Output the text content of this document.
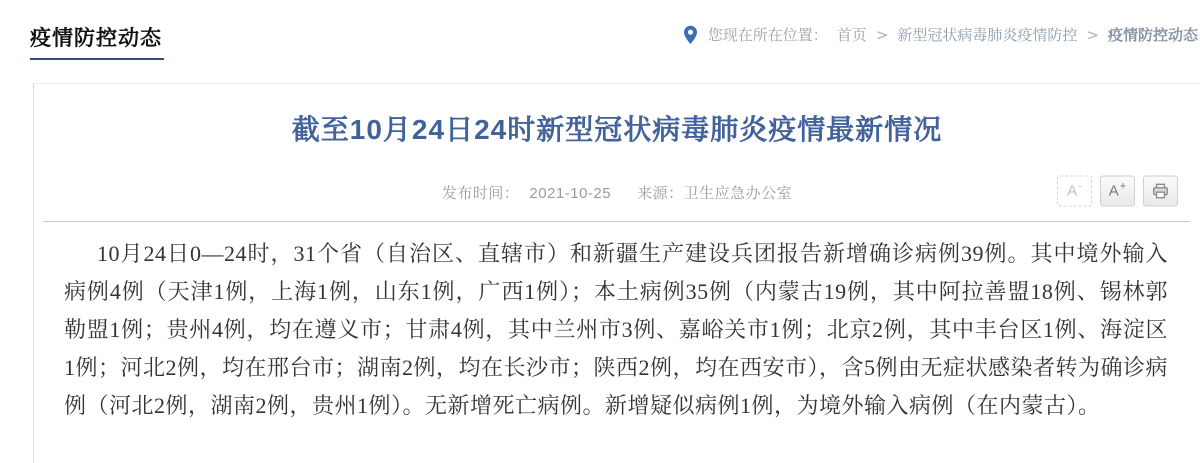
疫情防控动态	您现在所在位置： 首页 > 新型冠状病毒肺炎疫情防控 > 疫情防控动态
截至10月24日24时新型冠状病毒肺炎疫情最新情况
发布时间： 2021-10-25 来源：卫生应急办公室	A- A+

10月24日0—24时，31个省（自治区、直辖市）和新疆生产建设兵团报告新增确诊病例39例。其中境外输入病例4例（天津1例，上海1例，山东1例，广西1例）；本土病例35例（内蒙古19例，其中阿拉善盟18例、锡林郭勒盟1例；贵州4例，均在遵义市；甘肃4例，其中兰州市3例、嘉峪关市1例；北京2例，其中丰台区1例、海淀区1例；河北2例，均在邢台市；湖南2例，均在长沙市；陕西2例，均在西安市），含5例由无症状感染者转为确诊病例（河北2例，湖南2例，贵州1例）。无新增死亡病例。新增疑似病例1例，为境外输入病例（在内蒙古）。
